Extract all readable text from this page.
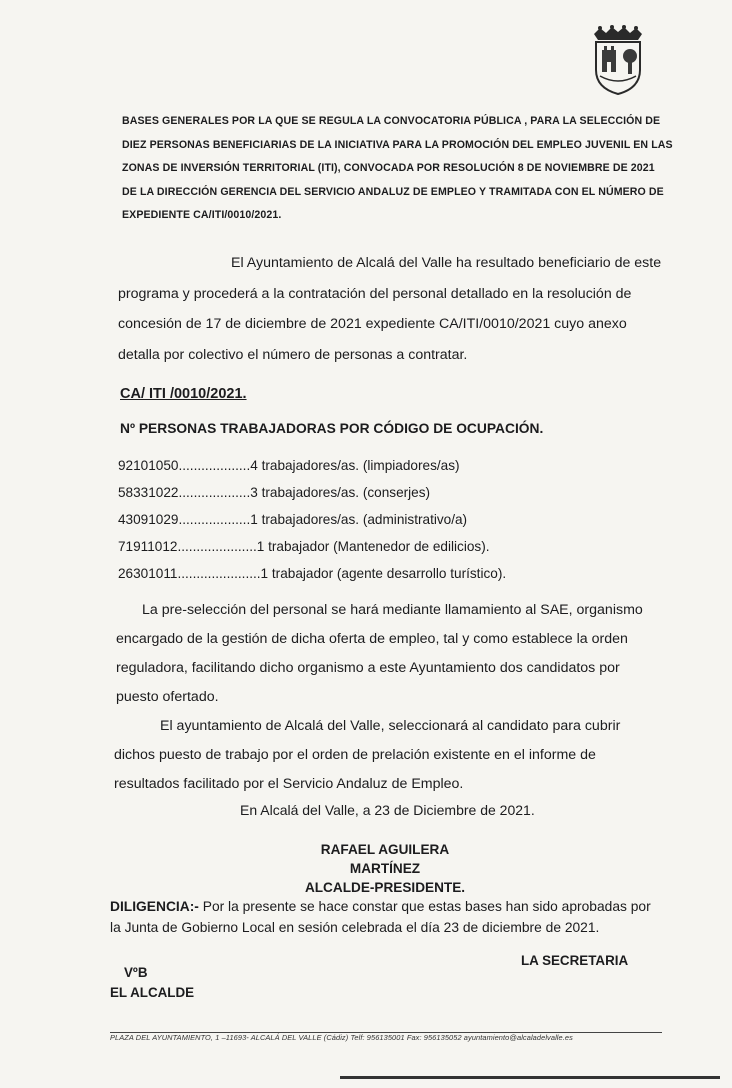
BASES GENERALES POR LA QUE SE REGULA LA CONVOCATORIA PÚBLICA , PARA LA SELECCIÓN DE
DIEZ PERSONAS BENEFICIARIAS DE LA INICIATIVA PARA LA PROMOCIÓN DEL EMPLEO JUVENIL EN LAS
ZONAS DE INVERSIÓN TERRITORIAL (ITI), CONVOCADA POR RESOLUCIÓN 8 DE NOVIEMBRE DE 2021
DE LA DIRECCIÓN GERENCIA DEL SERVICIO ANDALUZ DE EMPLEO Y TRAMITADA CON EL NÚMERO DE
EXPEDIENTE CA/ITI/0010/2021.
El Ayuntamiento de Alcalá del Valle ha resultado beneficiario de este
programa y procederá a la contratación del personal detallado en la resolución de
concesión de 17 de diciembre de 2021 expediente CA/ITI/0010/2021 cuyo anexo
detalla por colectivo el número de personas a contratar.
CA/ ITI /0010/2021.
Nº PERSONAS TRABAJADORAS POR CÓDIGO DE OCUPACIÓN.
92101050...................4 trabajadores/as. (limpiadores/as)
58331022...................3 trabajadores/as. (conserjes)
43091029...................1 trabajadores/as. (administrativo/a)
71911012.....................1 trabajador (Mantenedor de edilicios).
26301011......................1 trabajador (agente desarrollo turístico).
La pre-selección del personal se hará mediante llamamiento al SAE, organismo
encargado de la gestión de dicha oferta de empleo, tal y como establece la orden
reguladora, facilitando dicho organismo a este Ayuntamiento dos candidatos por
puesto ofertado.
El ayuntamiento de Alcalá del Valle, seleccionará al candidato para cubrir
dichos puesto de trabajo por el orden de prelación existente en el informe de
resultados facilitado por el Servicio Andaluz de Empleo.
En Alcalá del Valle, a 23 de Diciembre de 2021.
RAFAEL AGUILERA MARTÍNEZ
ALCALDE-PRESIDENTE.
DILIGENCIA:- Por la presente se hace constar que estas bases han sido aprobadas por
la Junta de Gobierno Local en sesión celebrada el día 23 de diciembre de 2021.
LA SECRETARIA
VºB
EL ALCALDE
PLAZA DEL AYUNTAMIENTO, 1 –11693- ALCALÁ DEL VALLE (Cádiz) Telf: 956135001 Fax: 956135052 ayuntamiento@alcaladelvalle.es
